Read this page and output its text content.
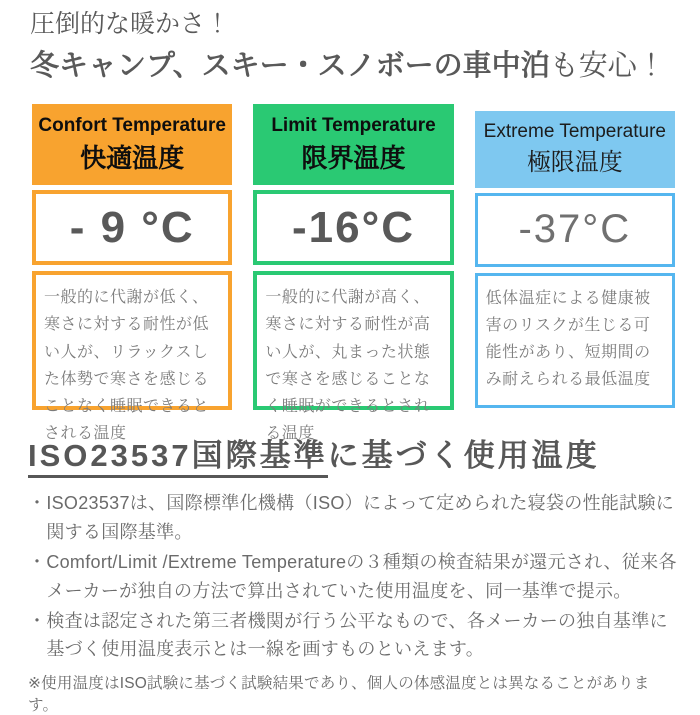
圧倒的な暖かさ！
冬キャンプ、スキー・スノボーの車中泊も安心！
Confort Temperature
快適温度
- 9 °C
一般的に代謝が低く、寒さに対する耐性が低い人が、リラックスした体勢で寒さを感じることなく睡眠できるとされる温度
Limit Temperature
限界温度
-16°C
一般的に代謝が高く、寒さに対する耐性が高い人が、丸まった状態で寒さを感じることなく睡眠ができるとされる温度
Extreme Temperature
極限温度
-37°C
低体温症による健康被害のリスクが生じる可能性があり、短期間のみ耐えられる最低温度
ISO23537国際基準に基づく使用温度
・ ISO23537は、国際標準化機構（ISO）によって定められた寝袋の性能試験に関する国際基準。
・ Comfort/Limit /Extreme Temperatureの３種類の検査結果が還元され、従来各メーカーが独自の方法で算出されていた使用温度を、同一基準で提示。
・ 検査は認定された第三者機関が行う公平なもので、各メーカーの独自基準に基づく使用温度表示とは一線を画すものといえます。
※使用温度はISO試験に基づく試験結果であり、個人の体感温度とは異なることがあります。
